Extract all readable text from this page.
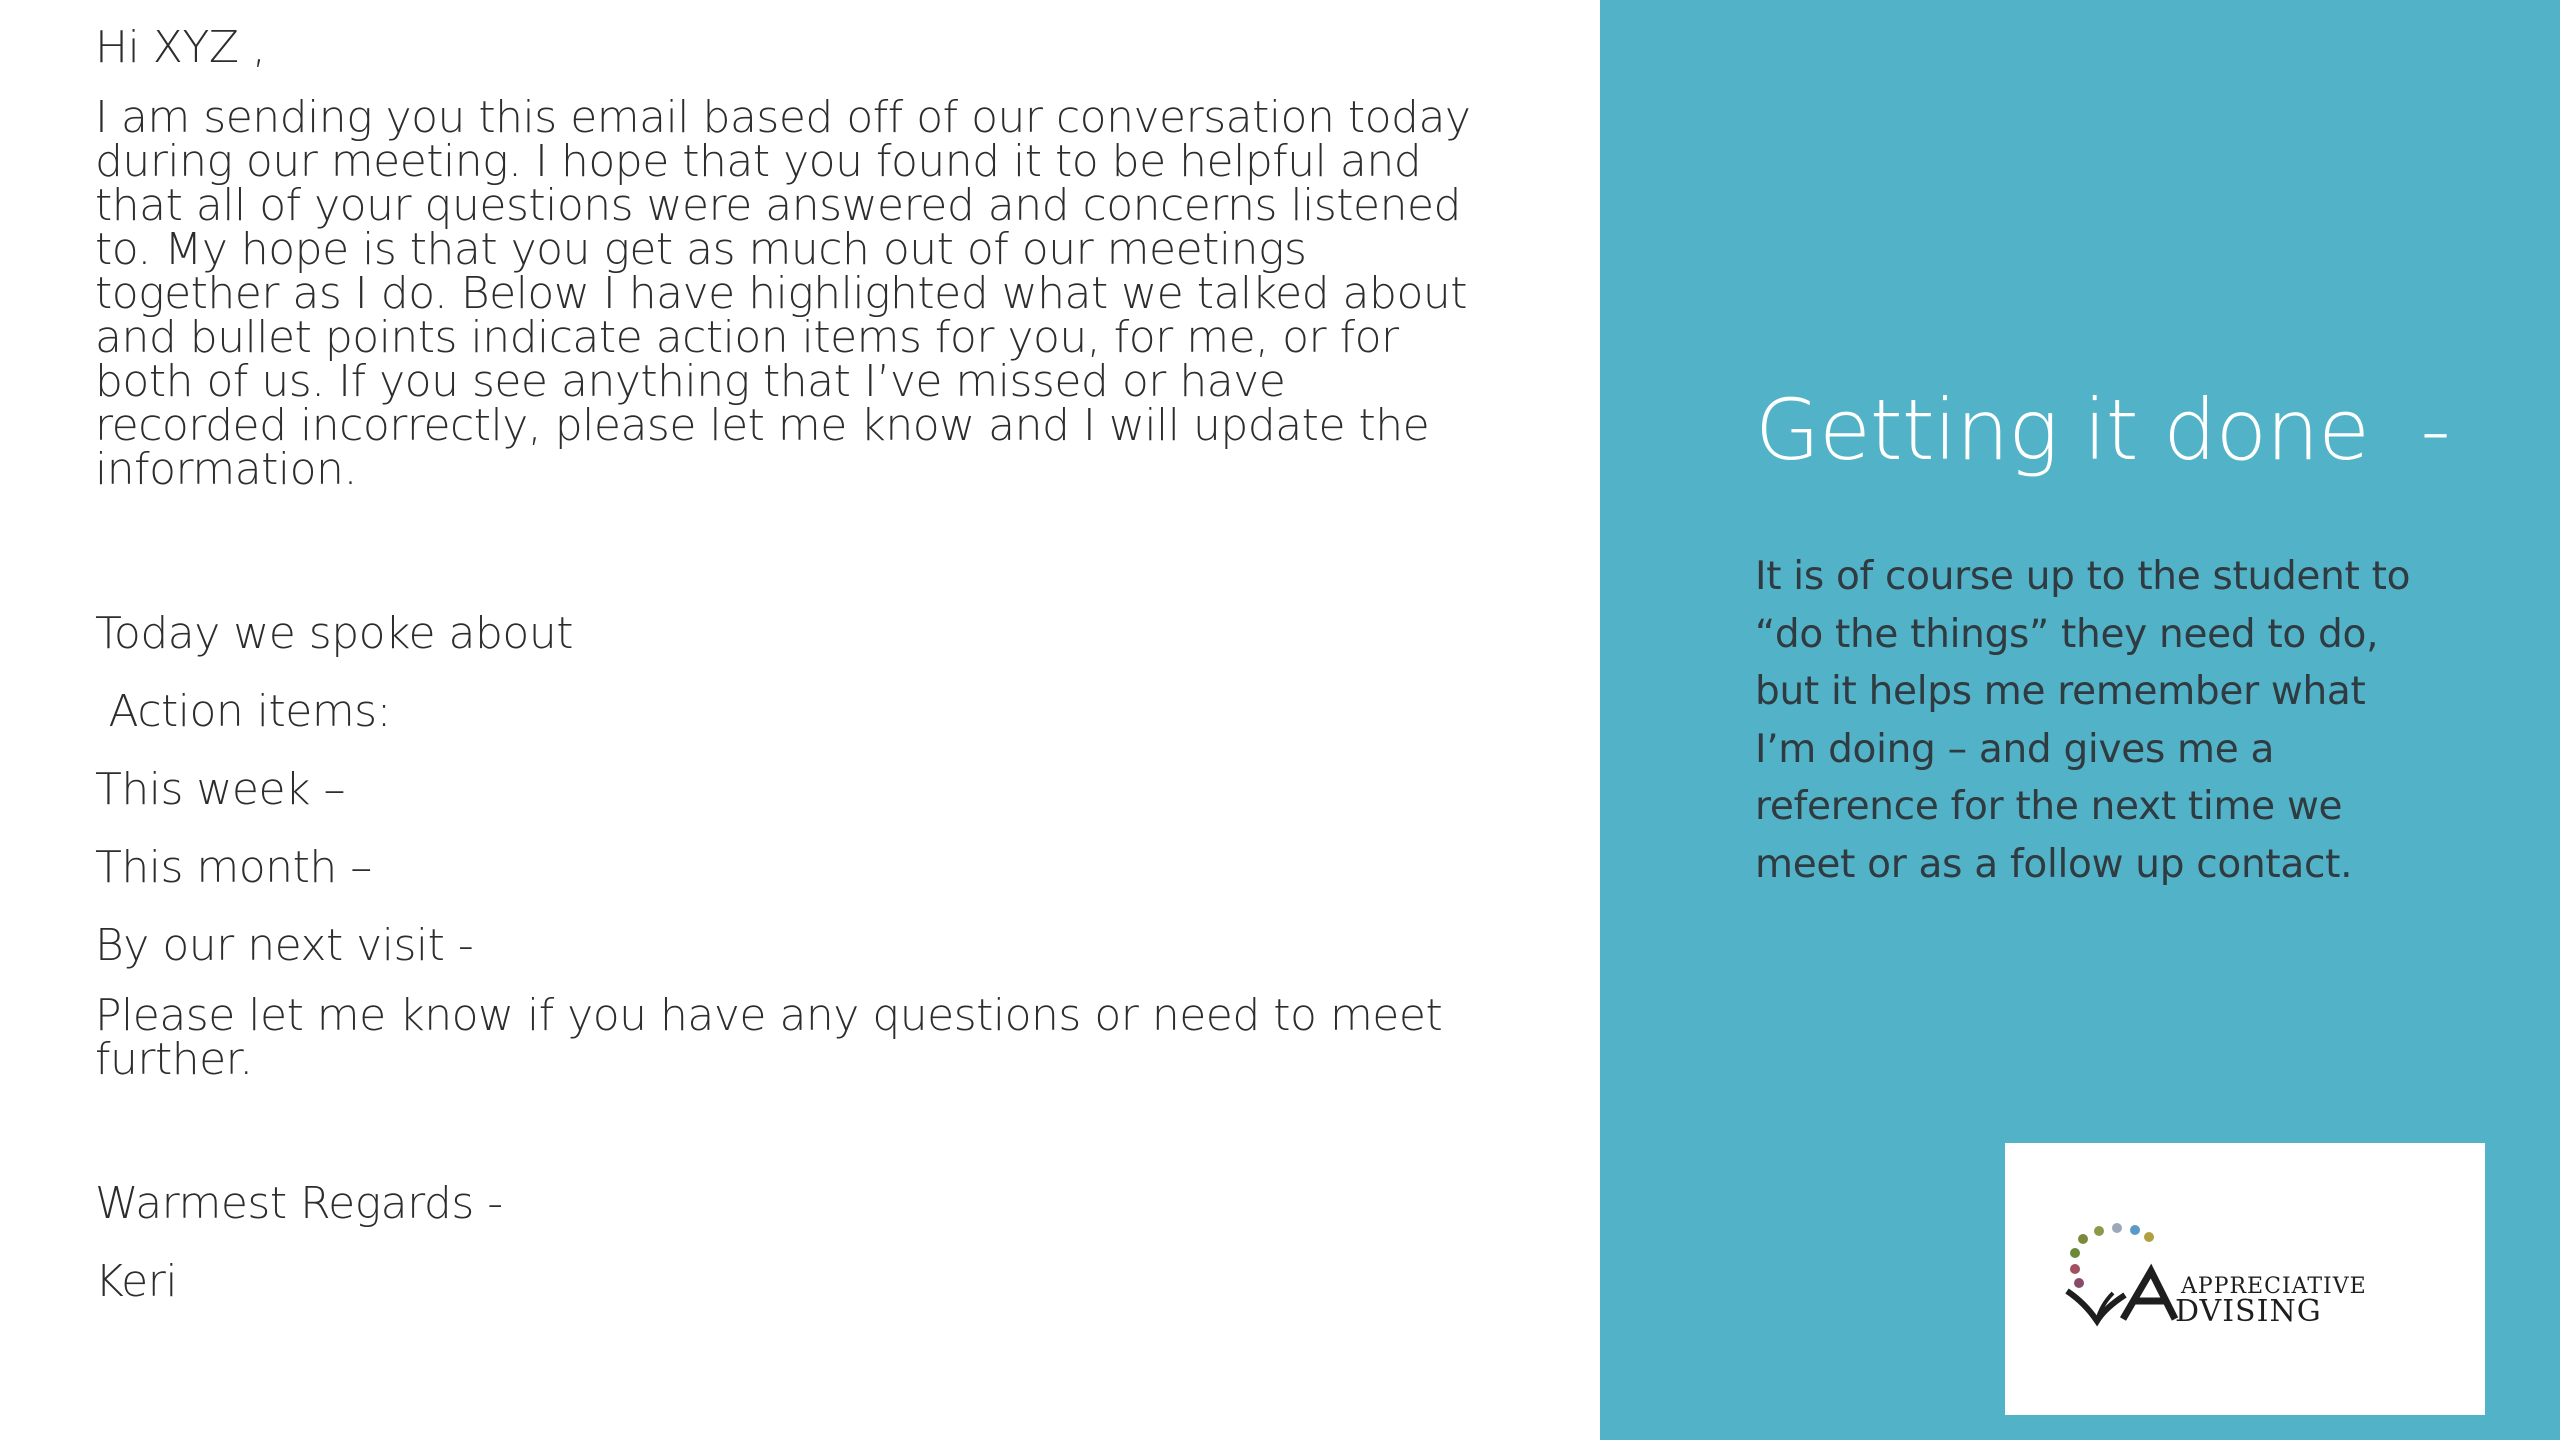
Hi XYZ ,

I am sending you this email based off of our conversation today
during our meeting. I hope that you found it to be helpful and
that all of your questions were answered and concerns listened
to. My hope is that you get as much out of our meetings
together as I do. Below I have highlighted what we talked about
and bullet points indicate action items for you, for me, or for
both of us. If you see anything that I’ve missed or have
recorded incorrectly, please let me know and I will update the
information.

Today we spoke about

Action items:

This week –

This month –

By our next visit -

Please let me know if you have any questions or need to meet
further.

Warmest Regards -

Keri

Getting it done  -
It is of course up to the student to
“do the things” they need to do,
but it helps me remember what
I’m doing – and gives me a
reference for the next time we
meet or as a follow up contact.
APPRECIATIVE
DVISING
